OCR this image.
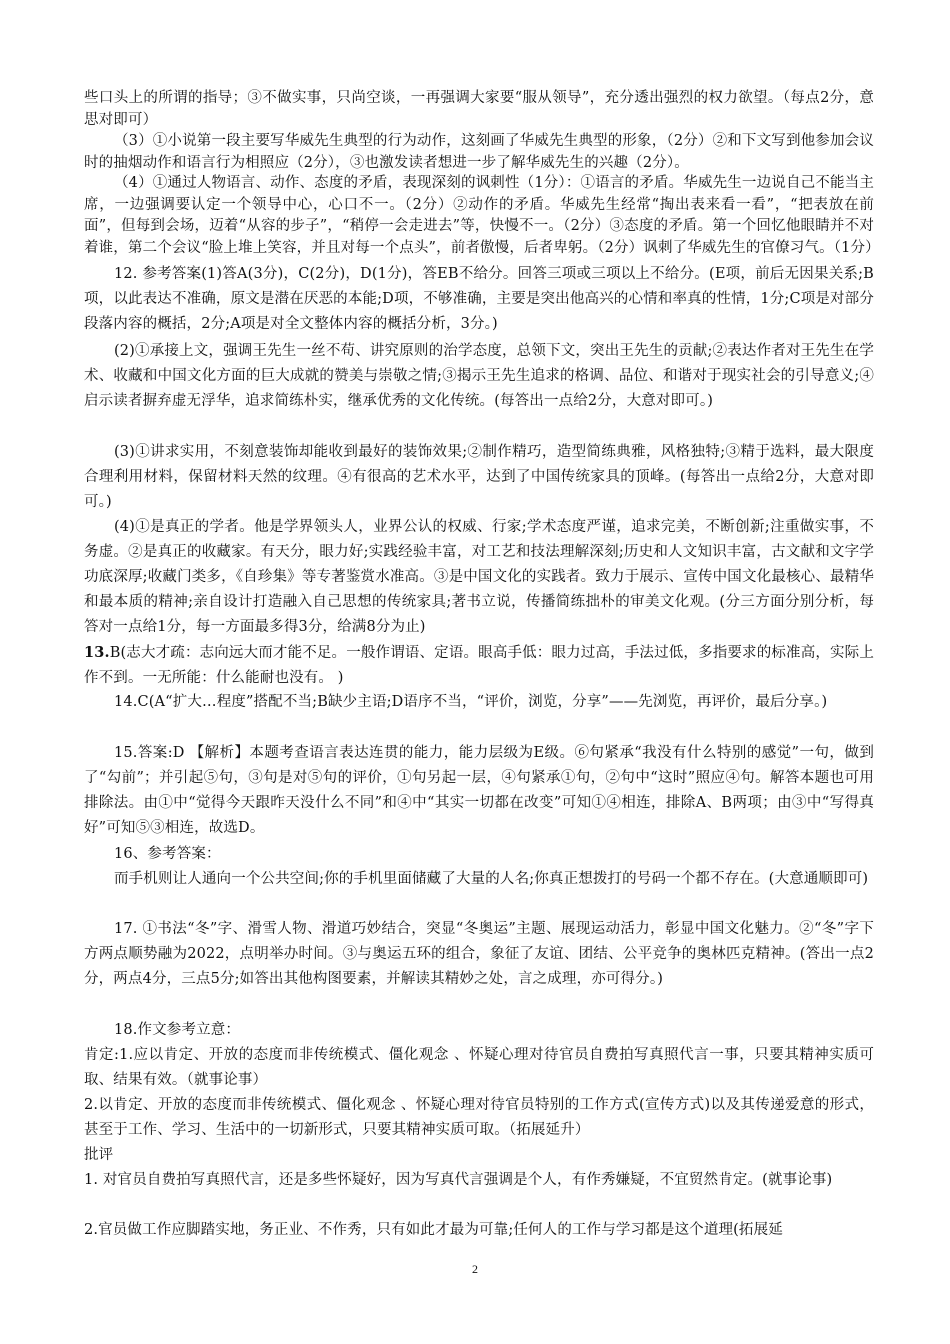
些口头上的所谓的指导；③不做实事，只尚空谈，一再强调大家要“服从领导”，充分透出强烈的权力欲望。（每点2分，意思对即可）
（3）①小说第一段主要写华威先生典型的行为动作，这刻画了华威先生典型的形象，（2分）②和下文写到他参加会议时的抽烟动作和语言行为相照应（2分），③也激发读者想进一步了解华威先生的兴趣（2分）。
（4）①通过人物语言、动作、态度的矛盾，表现深刻的讽刺性（1分）：①语言的矛盾。华威先生一边说自己不能当主席，一边强调要认定一个领导中心，心口不一。（2分）②动作的矛盾。华威先生经常“掏出表来看一看”，“把表放在前面”，但每到会场，迈着“从容的步子”，“稍停一会走进去”等，快慢不一。（2分）③态度的矛盾。第一个回忆他眼睛并不对着谁，第二个会议“脸上堆上笑容，并且对每一个点头”，前者傲慢，后者卑躬。（2分）讽刺了华威先生的官僚习气。（1分）
12. 参考答案(1)答A(3分)，C(2分)，D(1分)，答EB不给分。回答三项或三项以上不给分。(E项，前后无因果关系;B项，以此表达不准确，原文是潜在厌恶的本能;D项，不够准确，主要是突出他高兴的心情和率真的性情，1分;C项是对部分段落内容的概括，2分;A项是对全文整体内容的概括分析，3分。)
(2)①承接上文，强调王先生一丝不苟、讲究原则的治学态度，总领下文，突出王先生的贡献;②表达作者对王先生在学术、收藏和中国文化方面的巨大成就的赞美与崇敬之情;③揭示王先生追求的格调、品位、和谐对于现实社会的引导意义;④启示读者摒弃虚无浮华，追求简练朴实，继承优秀的文化传统。(每答出一点给2分，大意对即可。)
(3)①讲求实用，不刻意装饰却能收到最好的装饰效果;②制作精巧，造型简练典雅，风格独特;③精于选料，最大限度合理利用材料，保留材料天然的纹理。④有很高的艺术水平，达到了中国传统家具的顶峰。(每答出一点给2分，大意对即可。)
(4)①是真正的学者。他是学界领头人，业界公认的权威、行家;学术态度严谨，追求完美，不断创新;注重做实事，不务虚。②是真正的收藏家。有天分，眼力好;实践经验丰富，对工艺和技法理解深刻;历史和人文知识丰富，古文献和文字学功底深厚;收藏门类多，《自珍集》等专著鉴赏水准高。③是中国文化的实践者。致力于展示、宣传中国文化最核心、最精华和最本质的精神;亲自设计打造融入自己思想的传统家具;著书立说，传播简练拙朴的审美文化观。(分三方面分别分析，每答对一点给1分，每一方面最多得3分，给满8分为止)
13.B(志大才疏：志向远大而才能不足。一般作谓语、定语。眼高手低：眼力过高，手法过低，多指要求的标准高，实际上作不到。一无所能：什么能耐也没有。 )
14.C(A“扩大…程度”搭配不当;B缺少主语;D语序不当，“评价，浏览，分享”——先浏览，再评价，最后分享。)
15.答案:D 【解析】本题考查语言表达连贯的能力，能力层级为E级。⑥句紧承“我没有什么特别的感觉”一句，做到了“勾前”；并引起⑤句，③句是对⑤句的评价，①句另起一层，④句紧承①句，②句中“这时”照应④句。解答本题也可用排除法。由①中“觉得今天跟昨天没什么不同”和④中“其实一切都在改变”可知①④相连，排除A、B两项；由③中“写得真好”可知⑤③相连，故选D。
16、参考答案：
而手机则让人通向一个公共空间;你的手机里面储藏了大量的人名;你真正想拨打的号码一个都不存在。(大意通顺即可)
17. ①书法“冬”字、滑雪人物、滑道巧妙结合，突显“冬奥运”主题、展现运动活力，彰显中国文化魅力。②“冬”字下方两点顺势融为2022，点明举办时间。③与奥运五环的组合，象征了友谊、团结、公平竞争的奥林匹克精神。(答出一点2分，两点4分，三点5分;如答出其他构图要素，并解读其精妙之处，言之成理，亦可得分。)
18.作文参考立意：
肯定:1.应以肯定、开放的态度而非传统模式、僵化观念 、怀疑心理对待官员自费拍写真照代言一事，只要其精神实质可取、结果有效。（就事论事）
2.以肯定、开放的态度而非传统模式、僵化观念 、怀疑心理对待官员特别的工作方式(宣传方式)以及其传递爱意的形式，甚至于工作、学习、生活中的一切新形式，只要其精神实质可取。（拓展延升）
批评
1. 对官员自费拍写真照代言，还是多些怀疑好，因为写真代言强调是个人，有作秀嫌疑，不宜贸然肯定。(就事论事)
2.官员做工作应脚踏实地，务正业、不作秀，只有如此才最为可靠;任何人的工作与学习都是这个道理(拓展延
2
